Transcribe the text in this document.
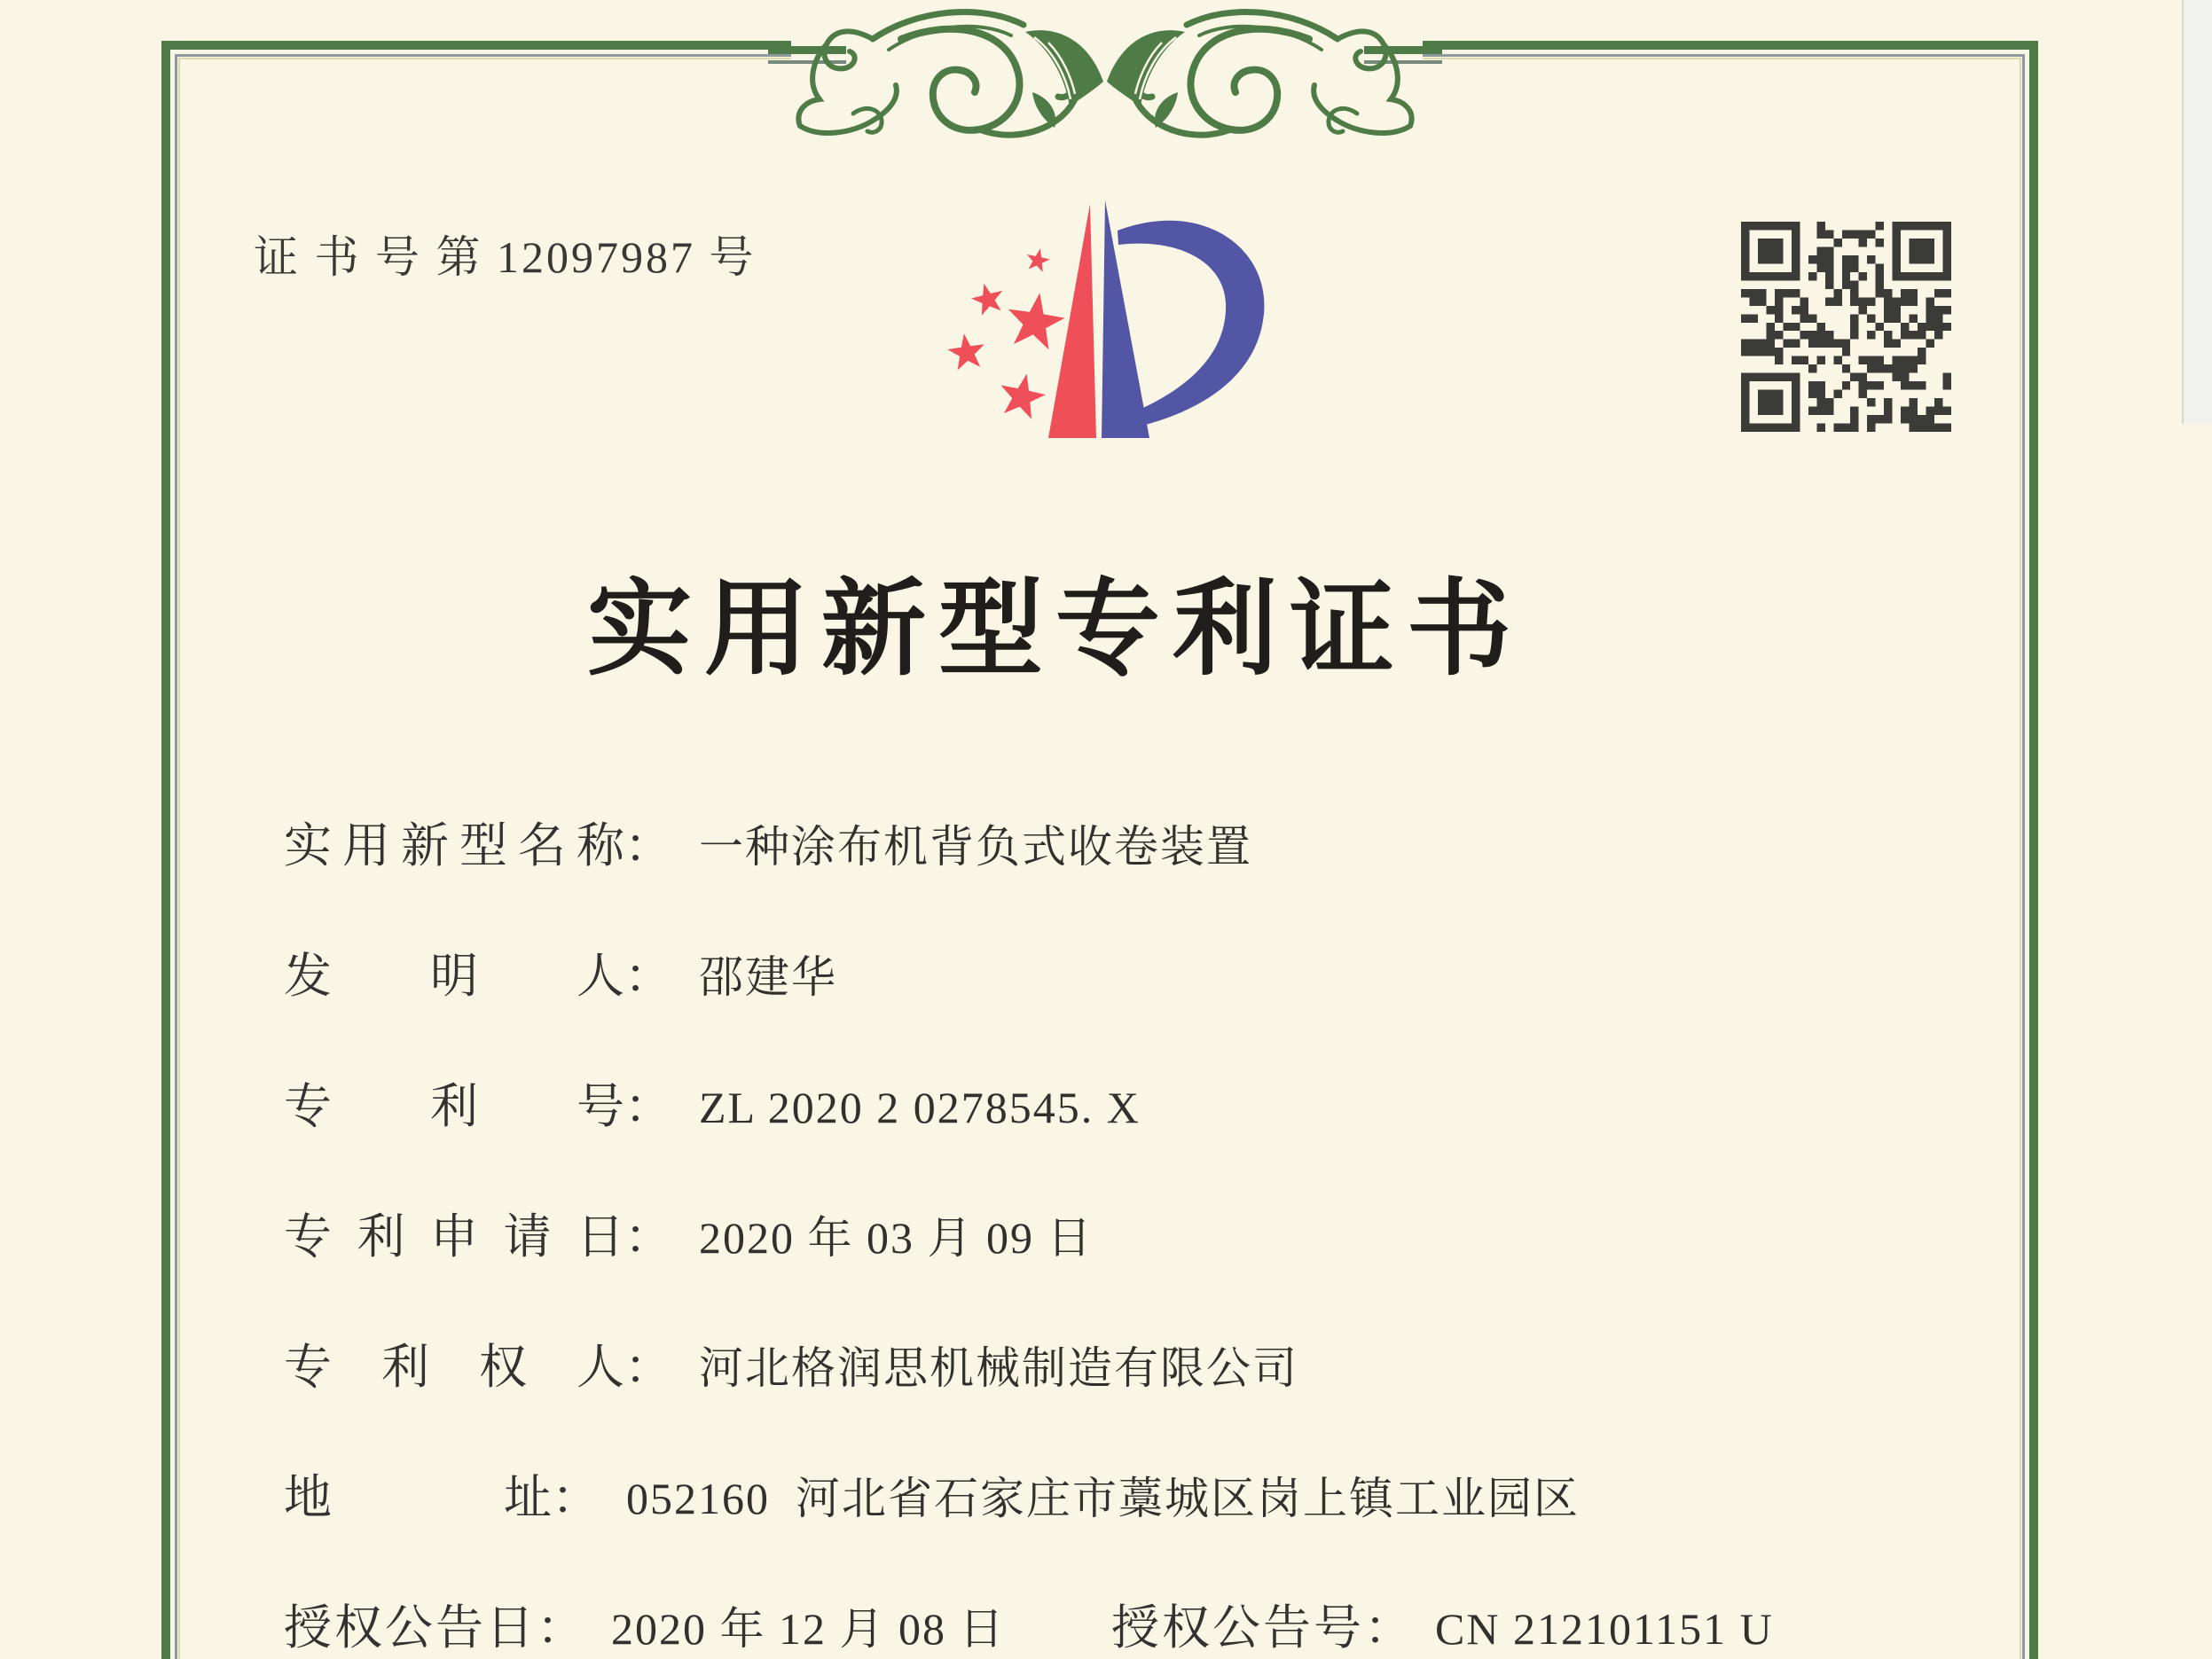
证 书 号 第 12097987 号
实用新型专利证书
实用新型名称： 一种涂布机背负式收卷装置
发明人： 邵建华
专利号： ZL 2020 2 0278545. X
专利申请日： 2020 年 03 月 09 日
专利权人： 河北格润思机械制造有限公司
地址： 052160  河北省石家庄市藁城区岗上镇工业园区
授权公告日： 2020 年 12 月 08 日 授权公告号： CN 212101151 U
